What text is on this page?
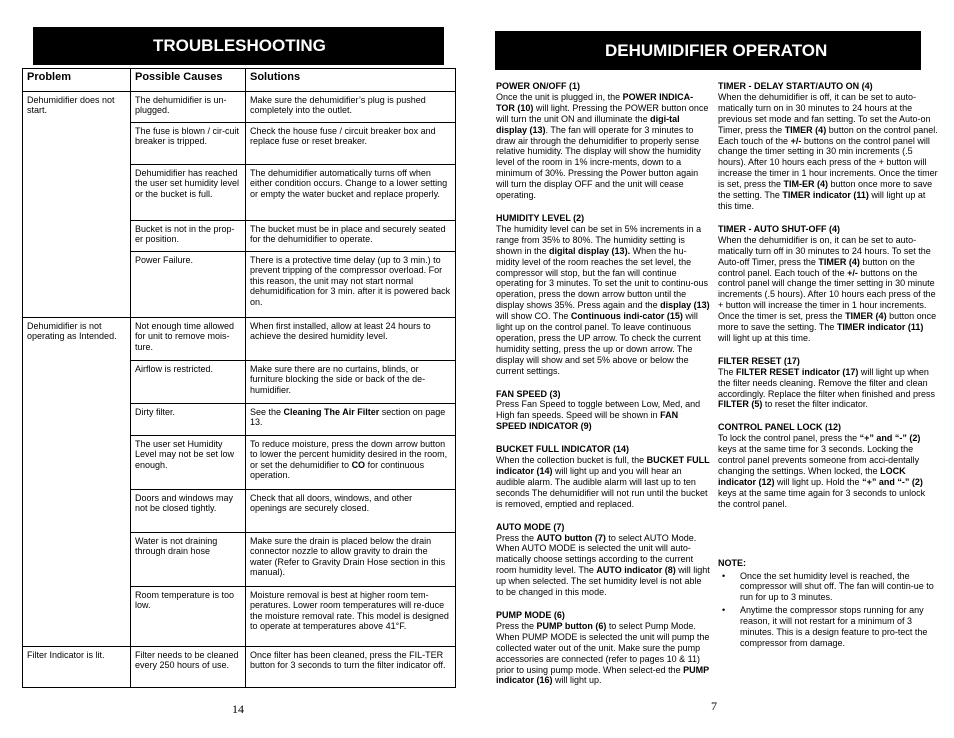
TROUBLESHOOTING
Problem	Possible Causes	Solutions
Dehumidifier does not start.	The dehumidifier is un-plugged.	Make sure the dehumidifier’s plug is pushed completely into the outlet.
	The fuse is blown / cir-cuit breaker is tripped.	Check the house fuse / circuit breaker box and replace fuse or reset breaker.
	Dehumidifier has reached the user set humidity level or the bucket is full.	The dehumidifier automatically turns off when either condition occurs. Change to a lower setting or empty the water bucket and replace properly.
	Bucket is not in the prop-er position.	The bucket must be in place and securely seated for the dehumidifier to operate.
	Power Failure.	There is a protective time delay (up to 3 min.) to prevent tripping of the compressor overload. For this reason, the unit may not start normal dehumidification for 3 min. after it is powered back on.
Dehumidifier is not operating as Intended.	Not enough time allowed for unit to remove mois-ture.	When first installed, allow at least 24 hours to achieve the desired humidity level.
	Airflow is restricted.	Make sure there are no curtains, blinds, or furniture blocking the side or back of the de-humidifier.
	Dirty filter.	See the Cleaning The Air Filter section on page 13.
	The user set Humidity Level may not be set low enough.	To reduce moisture, press the down arrow button to lower the percent humidity desired in the room, or set the dehumidifier to CO for continuous operation.
	Doors and windows may not be closed tightly.	Check that all doors, windows, and other openings are securely closed.
	Water is not draining through drain hose	Make sure the drain is placed below the drain connector nozzle to allow gravity to drain the water (Refer to Gravity Drain Hose section in this manual).
	Room temperature is too low.	Moisture removal is best at higher room tem-peratures. Lower room temperatures will re-duce the moisture removal rate. This model is designed to operate at temperatures above 41°F.
Filter Indicator is lit.	Filter needs to be cleaned every 250 hours of use.	Once filter has been cleaned, press the FIL-TER button for 3 seconds to turn the filter indicator off.
14
DEHUMIDIFIER OPERATON
POWER ON/OFF (1)

Once the unit is plugged in, the POWER INDICA-TOR (10) will light. Pressing the POWER button once will turn the unit ON and illuminate the digi-tal display (13). The fan will operate for 3 minutes to draw air through the dehumidifier to properly sense relative humidity. The display will show the humidity level of the room in 1% incre-ments, down to a minimum of 30%. Pressing the Power button again will turn the display OFF and the unit will cease operating.

HUMIDITY LEVEL (2)

The humidity level can be set in 5% increments in a range from 35% to 80%. The humidity setting is shown in the digital display (13). When the hu-midity level of the room reaches the set level, the compressor will stop, but the fan will continue operating for 3 minutes. To set the unit to continu-ous operation, press the down arrow button until the display shows 35%. Press again and the display (13) will show CO. The Continuous indi-cator (15) will light up on the control panel. To leave continuous operation, press the UP arrow. To check the current humidity setting, press the up or down arrow. The display will show and set 5% above or below the current settings.

FAN SPEED (3)

Press Fan Speed to toggle between Low, Med, and High fan speeds. Speed will be shown in FAN SPEED INDICATOR (9)

BUCKET FULL INDICATOR (14)

When the collection bucket is full, the BUCKET FULL indicator (14) will light up and you will hear an audible alarm. The audible alarm will last up to ten seconds The dehumidifier will not run until the bucket is removed, emptied and replaced.

AUTO MODE (7)

Press the AUTO button (7) to select AUTO Mode. When AUTO MODE is selected the unit will auto-matically choose settings according to the current room humidity level. The AUTO indicator (8) will light up when selected. The set humidity level is not able to be changed in this mode.

PUMP MODE (6)

Press the PUMP button (6) to select Pump Mode. When PUMP MODE is selected the unit will pump the collected water out of the unit. Make sure the pump accessories are connected (refer to pages 10 & 11) prior to using pump mode. When select-ed the PUMP indicator (16) will light up.

TIMER - DELAY START/AUTO ON (4)

When the dehumidifier is off, it can be set to auto-matically turn on in 30 minutes to 24 hours at the previous set mode and fan setting. To set the Auto-on Timer, press the TIMER (4) button on the control panel. Each touch of the +/- buttons on the control panel will change the timer setting in 30 min increments (.5 hours). After 10 hours each press of the + button will increase the timer in 1 hour increments. Once the timer is set, press the TIM-ER (4) button once more to save the setting. The TIMER indicator (11) will light up at this time.

TIMER - AUTO SHUT-OFF (4)

When the dehumidifier is on, it can be set to auto-matically turn off in 30 minutes to 24 hours. To set the Auto-off Timer, press the TIMER (4) button on the control panel. Each touch of the +/- buttons on the control panel will change the timer setting in 30 minute increments (.5 hours). After 10 hours each press of the + button will increase the timer in 1 hour increments. Once the timer is set, press the TIMER (4) button once more to save the setting. The TIMER indicator (11) will light up at this time.

FILTER RESET (17)

The FILTER RESET indicator (17) will light up when the filter needs cleaning. Remove the filter and clean accordingly. Replace the filter when finished and press FILTER (5) to reset the filter indicator.

CONTROL PANEL LOCK (12)

To lock the control panel, press the “+” and “-” (2) keys at the same time for 3 seconds. Locking the control panel prevents someone from acci-dentally changing the settings. When locked, the LOCK indicator (12) will light up. Hold the “+” and “-” (2) keys at the same time again for 3 seconds to unlock the control panel.

NOTE:
• Once the set humidity level is reached, the compressor will shut off. The fan will contin-ue to run for up to 3 minutes.
• Anytime the compressor stops running for any reason, it will not restart for a minimum of 3 minutes. This is a design feature to pro-tect the compressor from damage.
7
